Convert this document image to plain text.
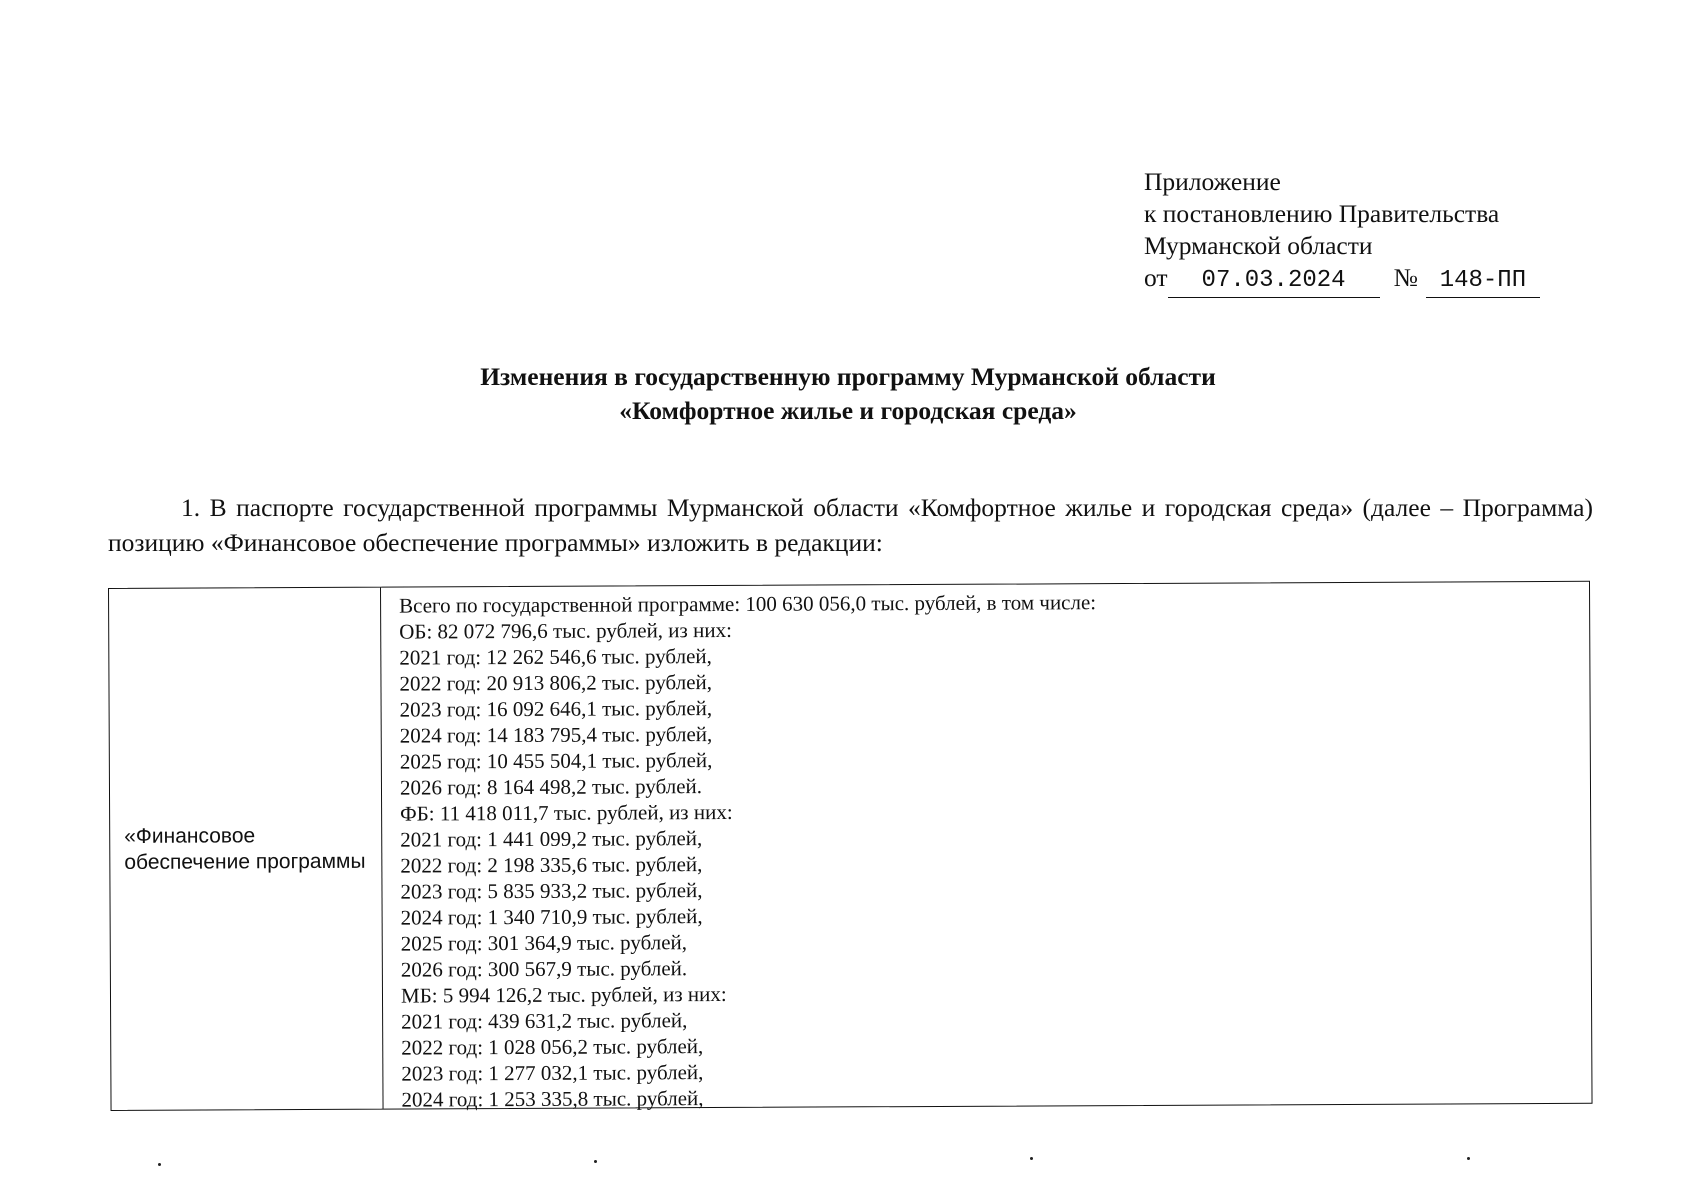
Приложение
к постановлению Правительства
Мурманской области
от 07.03.2024 № 148-ПП
Изменения в государственную программу Мурманской области
«Комфортное жилье и городская среда»
1. В паспорте государственной программы Мурманской области «Комфортное жилье и городская среда» (далее – Программа) позицию «Финансовое обеспечение программы» изложить в редакции:
«Финансовое обеспечение программы
Всего по государственной программе: 100 630 056,0 тыс. рублей, в том числе:
ОБ: 82 072 796,6 тыс. рублей, из них:
2021 год: 12 262 546,6 тыс. рублей,
2022 год: 20 913 806,2 тыс. рублей,
2023 год: 16 092 646,1 тыс. рублей,
2024 год: 14 183 795,4 тыс. рублей,
2025 год: 10 455 504,1 тыс. рублей,
2026 год: 8 164 498,2 тыс. рублей.
ФБ: 11 418 011,7 тыс. рублей, из них:
2021 год: 1 441 099,2 тыс. рублей,
2022 год: 2 198 335,6 тыс. рублей,
2023 год: 5 835 933,2 тыс. рублей,
2024 год: 1 340 710,9 тыс. рублей,
2025 год: 301 364,9 тыс. рублей,
2026 год: 300 567,9 тыс. рублей.
МБ: 5 994 126,2 тыс. рублей, из них:
2021 год: 439 631,2 тыс. рублей,
2022 год: 1 028 056,2 тыс. рублей,
2023 год: 1 277 032,1 тыс. рублей,
2024 год: 1 253 335,8 тыс. рублей,
